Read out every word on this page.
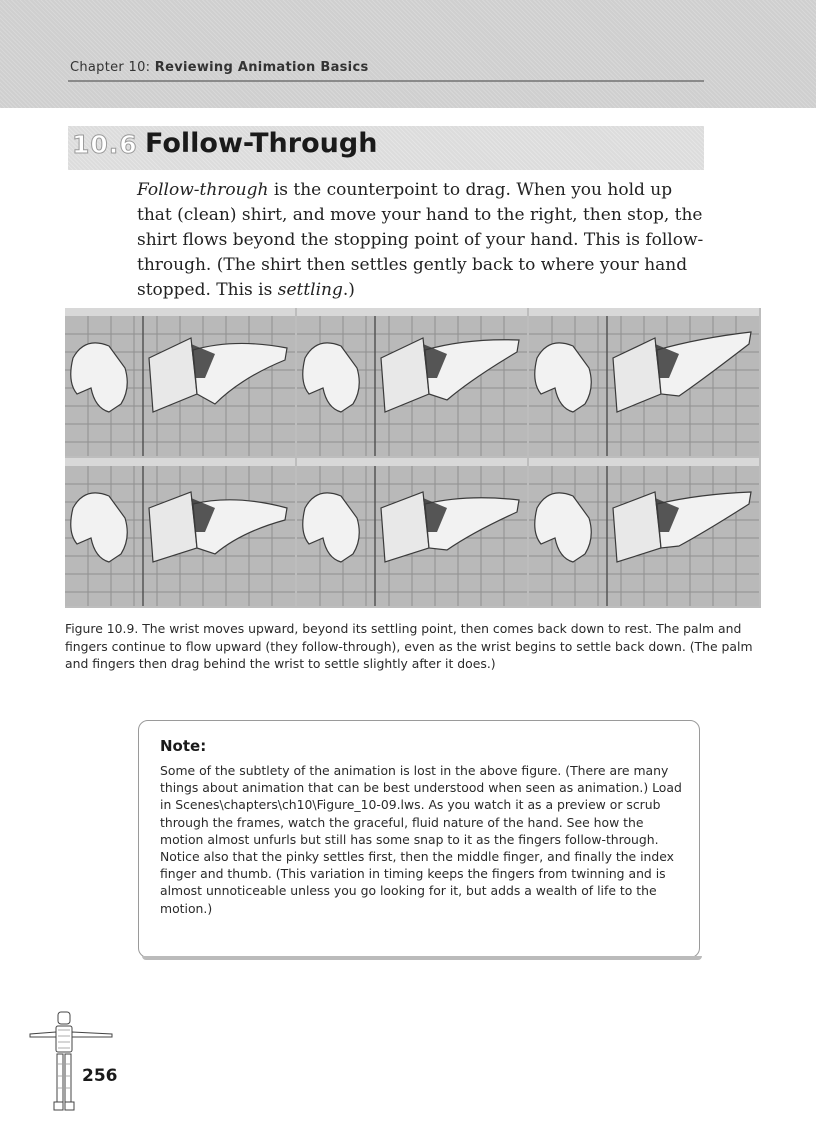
Chapter 10: Reviewing Animation Basics
10.6 Follow-Through
Follow-through is the counterpoint to drag. When you hold up that (clean) shirt, and move your hand to the right, then stop, the shirt flows beyond the stopping point of your hand. This is follow-through. (The shirt then settles gently back to where your hand stopped. This is settling.)
Figure 10.9. The wrist moves upward, beyond its settling point, then comes back down to rest. The palm and fingers continue to flow upward (they follow-through), even as the wrist begins to settle back down. (The palm and fingers then drag behind the wrist to settle slightly after it does.)
Note:
Some of the subtlety of the animation is lost in the above figure. (There are many things about animation that can be best understood when seen as animation.) Load in Scenes\chapters\ch10\Figure_10-09.lws. As you watch it as a preview or scrub through the frames, watch the graceful, fluid nature of the hand. See how the motion almost unfurls but still has some snap to it as the fingers follow-through. Notice also that the pinky settles first, then the middle finger, and finally the index finger and thumb. (This variation in timing keeps the fingers from twinning and is almost unnoticeable unless you go looking for it, but adds a wealth of life to the motion.)
256
